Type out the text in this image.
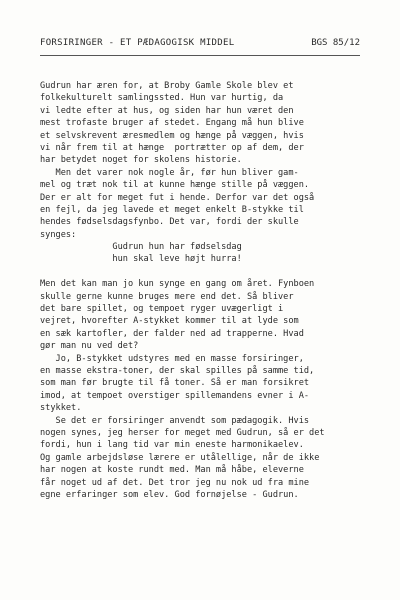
FORSIRINGER - ET PÆDAGOGISK MIDDEL	BGS 85/12
Gudrun har æren for, at Broby Gamle Skole blev et
folkekulturelt samlingssted. Hun var hurtig, da
vi ledte efter at hus, og siden har hun været den
mest trofaste bruger af stedet. Engang må hun blive
et selvskrevent æresmedlem og hænge på væggen, hvis
vi når frem til at hænge  portrætter op af dem, der
har betydet noget for skolens historie.
Men det varer nok nogle år, før hun bliver gam-
mel og træt nok til at kunne hænge stille på væggen.
Der er alt for meget fut i hende. Derfor var det også
en fejl, da jeg lavede et meget enkelt B-stykke til
hendes fødselsdagsfynbo. Det var, fordi der skulle
synges:
Gudrun hun har fødselsdag
hun skal leve højt hurra!
Men det kan man jo kun synge en gang om året. Fynboen
skulle gerne kunne bruges mere end det. Så bliver
det bare spillet, og tempoet ryger uvægerligt i
vejret, hvorefter A-stykket kommer til at lyde som
en sæk kartofler, der falder ned ad trapperne. Hvad
gør man nu ved det?
Jo, B-stykket udstyres med en masse forsiringer,
en masse ekstra-toner, der skal spilles på samme tid,
som man før brugte til få toner. Så er man forsikret
imod, at tempoet overstiger spillemandens evner i A-
stykket.
Se det er forsiringer anvendt som pædagogik. Hvis
nogen synes, jeg herser for meget med Gudrun, så er det
fordi, hun i lang tid var min eneste harmonikaelev.
Og gamle arbejdsløse lærere er utålellige, når de ikke
har nogen at koste rundt med. Man må håbe, eleverne
får noget ud af det. Det tror jeg nu nok ud fra mine
egne erfaringer som elev. God fornøjelse - Gudrun.
